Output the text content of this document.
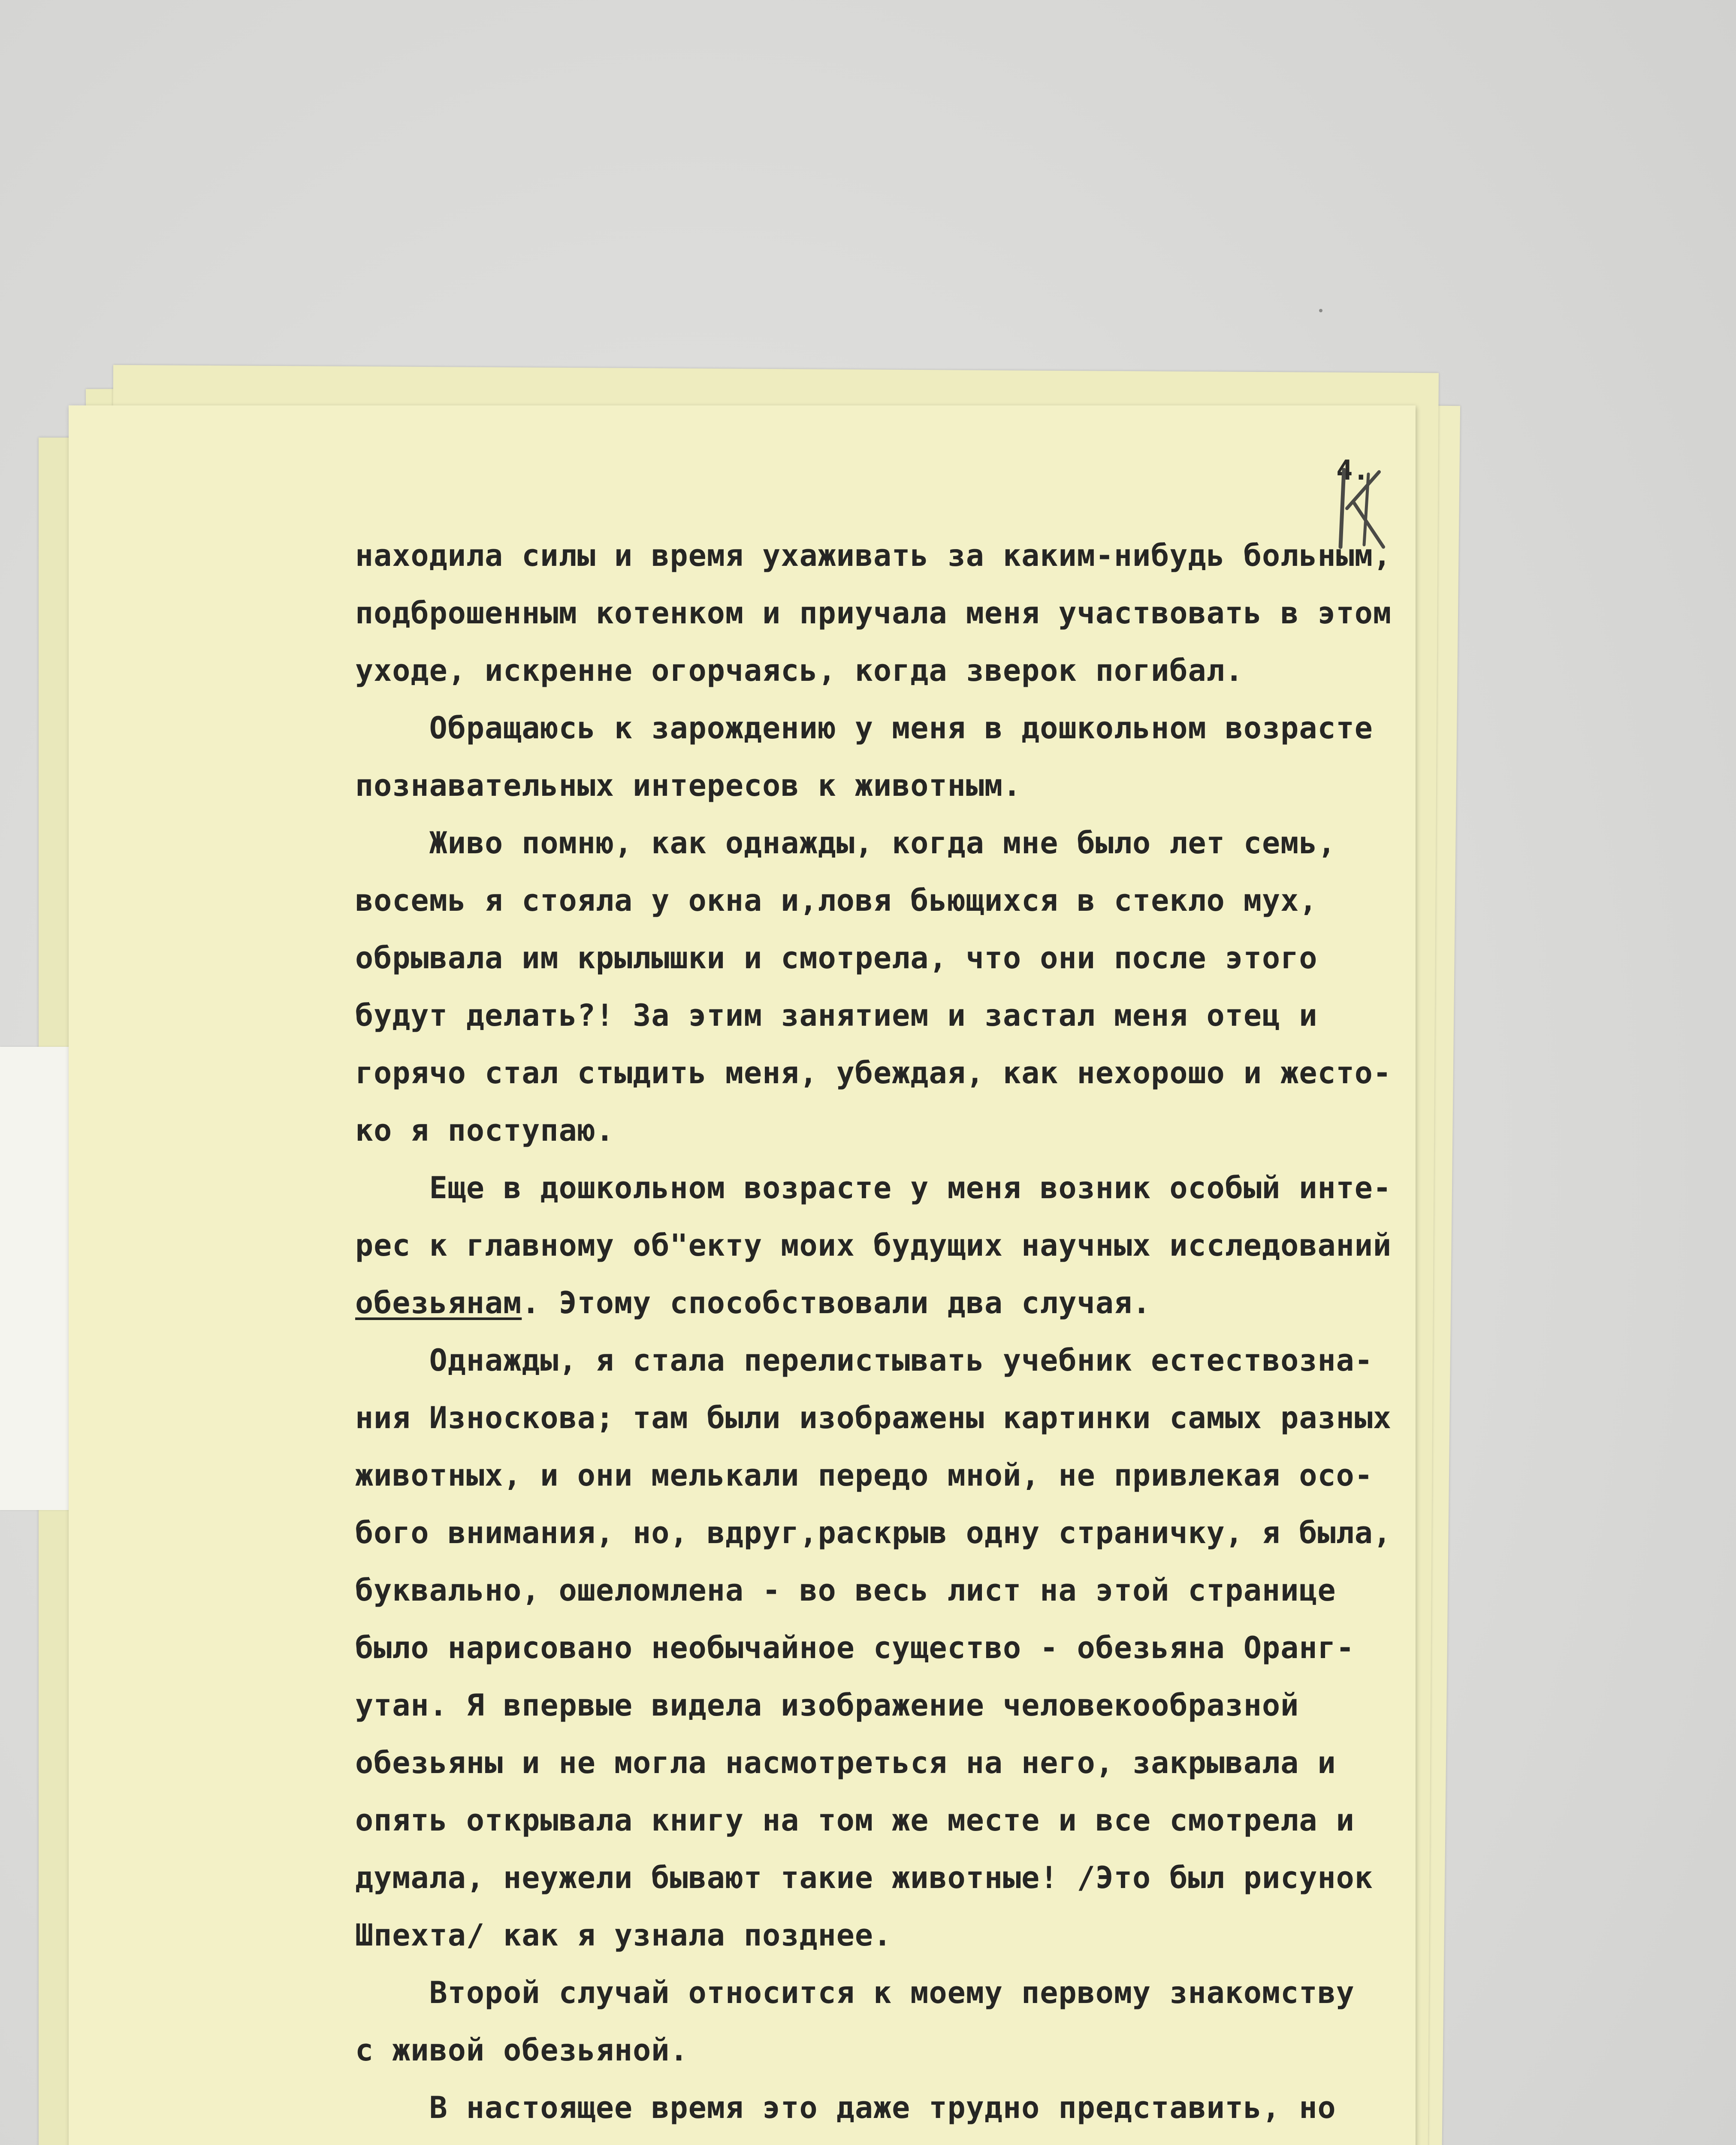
4.
находила силы и время ухаживать за каким-нибудь больным,
подброшенным котенком и приучала меня участвовать в этом
уходе, искренне огорчаясь, когда зверок погибал.
Обращаюсь к зарождению у меня в дошкольном возрасте
познавательных интересов к животным.
Живо помню, как однажды, когда мне было лет семь,
восемь я стояла у окна и,ловя бьющихся в стекло мух,
обрывала им крылышки и смотрела, что они после этого
будут делать?! За этим занятием и застал меня отец и
горячо стал стыдить меня, убеждая, как нехорошо и жесто-
ко я поступаю.
Еще в дошкольном возрасте у меня возник особый инте-
рес к главному об"екту моих будущих научных исследований
обезьянам. Этому способствовали два случая.
Однажды, я стала перелистывать учебник естествозна-
ния Износкова; там были изображены картинки самых разных
животных, и они мелькали передо мной, не привлекая осо-
бого внимания, но, вдруг,раскрыв одну страничку, я была,
буквально, ошеломлена - во весь лист на этой странице
было нарисовано необычайное существо - обезьяна Оранг-
утан. Я впервые видела изображение человекообразной
обезьяны и не могла насмотреться на него, закрывала и
опять открывала книгу на том же месте и все смотрела и
думала, неужели бывают такие животные! /Это был рисунок
Шпехта/ как я узнала позднее.
Второй случай относится к моему первому знакомству
с живой обезьяной.
В настоящее время это даже трудно представить, но
